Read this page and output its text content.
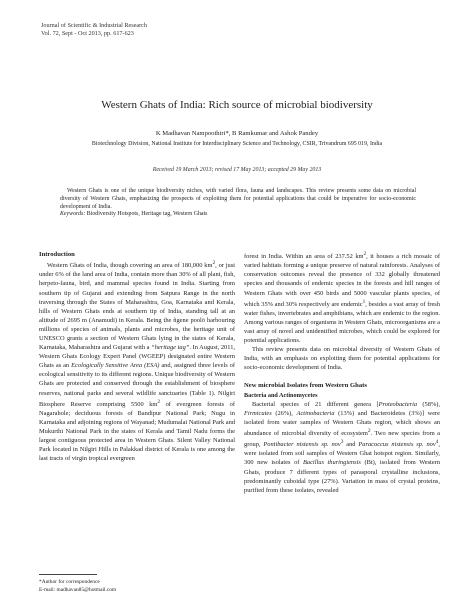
Journal of Scientific & Industrial Research
Vol. 72, Sept - Oct 2013, pp. 617-623
Western Ghats of India: Rich source of microbial biodiversity
K Madhavan Nampoothiri*, B Ramkumar and Ashok Pandey
Biotechnology Division, National Institute for Interdisciplinary Science and Technology, CSIR, Trivandrum 695 019, India
Received 19 March 2013; revised 17 May 2013; accepted 29 May 2013

Western Ghats is one of the unique biodiversity niches, with varied flora, fauna and landscapes. This review presents some data on microbial diversity of Western Ghats, emphasizing the prospects of exploiting them for potential applications that could be imperative for socio-economic development of India.

Keywords: Biodiversity Hotspots, Heritage tag, Western Ghats

Introduction

Western Ghats of India, though covering an area of 180,000 $km^2$, or just under 6% of the land area of India, contain more than 30% of all plant, fish, herpeto-fauna, bird, and mammal species found in India. Starting from southern tip of Gujarat and extending from Satpura Range in the north traversing through the States of Maharashtra, Goa, Karnataka and Kerala, hills of Western Ghats ends at southern tip of India, standing tall at an altitude of 2695 m (Anamudi) in Kerala. Being the ñgene poolö harbouring millions of species of animals, plants and microbes, the heritage unit of UNESCO grants a section of Western Ghats lying in the states of Kerala, Karnataka, Maharashtra and Gujarat with a “heritage tag”. In August, 2011, Western Ghats Ecology Expert Panel (WGEEP) designated entire Western Ghats as an Ecologically Sensitive Area (ESA) and, assigned three levels of ecological sensitivity to its different regions. Unique biodiversity of Western Ghats are protected and conserved through the establishment of biosphere reserves, national parks and several wildlife sanctuaries (Table 1). Nilgiri Biosphere Reserve comprising 5500 $km^2$ of evergreen forests of Nagarahole; deciduous forests of Bandipur National Park; Nugu in Karnataka and adjoining regions of Wayanad; Mudumalai National Park and Mukurthi National Park in the states of Kerala and Tamil Nadu forms the largest contiguous protected area in Western Ghats. Silent Valley National Park located in Nilgiri Hills in Palakkad district of Kerala is one among the last tracts of virgin tropical evergreen

forest in India. Within an area of 237.52 $km^2$, it houses a rich mosaic of varied habitats forming a unique preserve of natural rainforests. Analyses of conservation outcomes reveal the presence of 332 globally threatened species and thousands of endemic species in the forests and hill ranges of Western Ghats with over 450 birds and 5000 vascular plants species, of which 35% and 30% respectively are endemic$^1$, besides a vast array of fresh water fishes, invertebrates and amphibians, which are endemic to the region. Among various ranges of organisms in Western Ghats, microorganisms are a vast array of novel and unidentified microbes, which could be explored for potential applications.

This review presents data on microbial diversity of Western Ghats of India, with an emphasis on exploiting them for potential applications for socio-economic development of India.

New microbial Isolates from Western Ghats

Bacteria and Actinomycetes

Bacterial species of 21 different genera [Proteobacteria (58%), Firmicutes (26%), Actinobacteria (13%) and Bacteroidetes (3%)] were isolated from water samples of Western Ghats region, which shows an abundance of microbial diversity of ecosystem$^2$. Two new species from a group, Pontibacter nistensis sp. nov$^3$ and Paracoccus nistensis sp. nov$^4$, were isolated from soil samples of Western Ghat hotspot region. Similarly, 300 new isolates of Bacillus thuringiensis (Bt), isolated from Western Ghats, produce 7 different types of parasporal crystalline inclusions, predominantly cuboidal type (27%). Variation in mass of crystal proteins, purified from these isolates, revealed

*Author for correspondence
E-mail: madhavan85@hotmail.com
